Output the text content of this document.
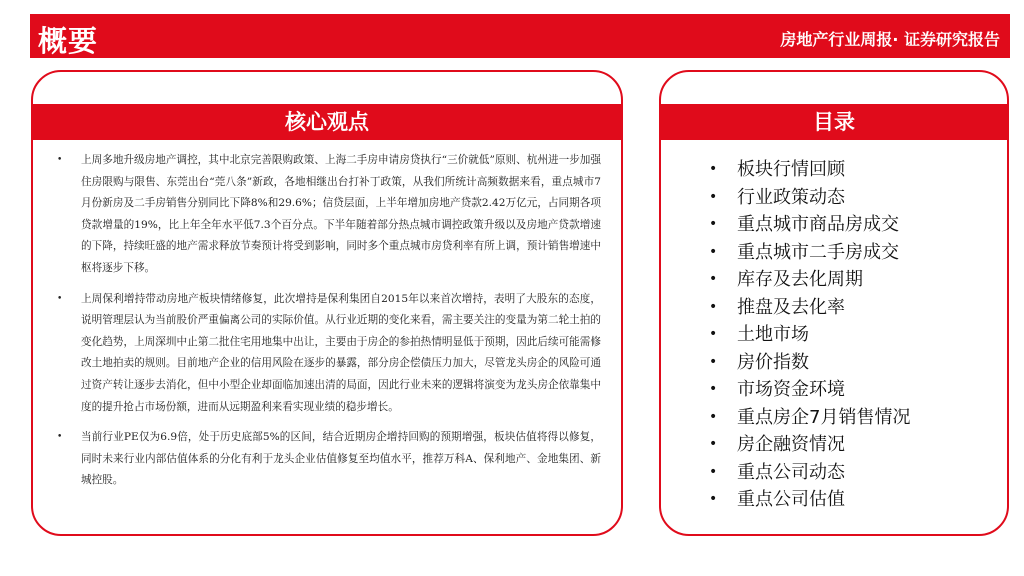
概要	房地产行业周报· 证券研究报告
核心观点
• 上周多地升级房地产调控，其中北京完善限购政策、上海二手房申请房贷执行“三价就低”原则、杭州进一步加强住房限购与限售、东莞出台“莞八条”新政，各地相继出台打补丁政策，从我们所统计高频数据来看，重点城市7月份新房及二手房销售分别同比下降8%和29.6%；信贷层面，上半年增加房地产贷款2.42万亿元，占同期各项贷款增量的19%，比上年全年水平低7.3个百分点。下半年随着部分热点城市调控政策升级以及房地产贷款增速的下降，持续旺盛的地产需求释放节奏预计将受到影响，同时多个重点城市房贷利率有所上调，预计销售增速中枢将逐步下移。
• 上周保利增持带动房地产板块情绪修复，此次增持是保利集团自2015年以来首次增持，表明了大股东的态度，说明管理层认为当前股价严重偏离公司的实际价值。从行业近期的变化来看，需主要关注的变量为第二轮土拍的变化趋势，上周深圳中止第二批住宅用地集中出让，主要由于房企的参拍热情明显低于预期，因此后续可能需修改土地拍卖的规则。目前地产企业的信用风险在逐步的暴露，部分房企偿债压力加大，尽管龙头房企的风险可通过资产转让逐步去消化，但中小型企业却面临加速出清的局面，因此行业未来的逻辑将演变为龙头房企依靠集中度的提升抢占市场份额，进而从远期盈利来看实现业绩的稳步增长。
• 当前行业PE仅为6.9倍，处于历史底部5%的区间，结合近期房企增持回购的预期增强，板块估值将得以修复，同时未来行业内部估值体系的分化有利于龙头企业估值修复至均值水平，推荐万科A、保利地产、金地集团、新城控股。
目录
• 板块行情回顾
• 行业政策动态
• 重点城市商品房成交
• 重点城市二手房成交
• 库存及去化周期
• 推盘及去化率
• 土地市场
• 房价指数
• 市场资金环境
• 重点房企7月销售情况
• 房企融资情况
• 重点公司动态
• 重点公司估值
